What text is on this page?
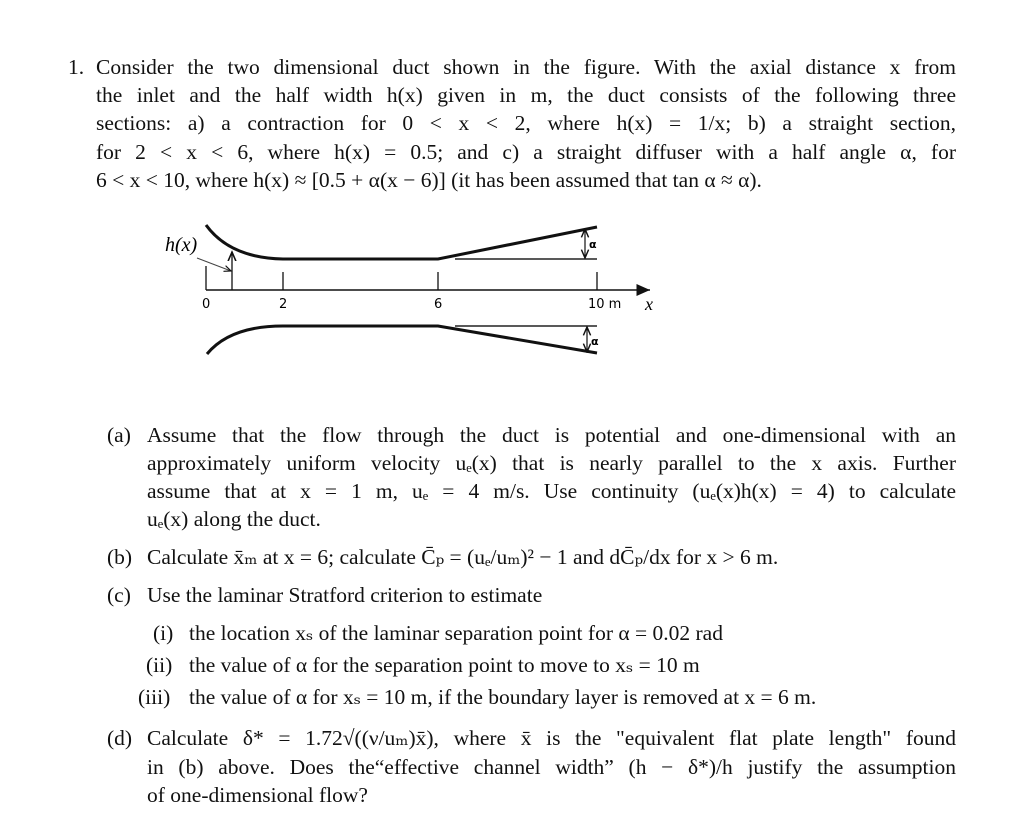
1. Consider the two dimensional duct shown in the figure. With the axial distance x from
the inlet and the half width h(x) given in m, the duct consists of the following three
sections: a) a contraction for 0 < x < 2, where h(x) = 1/x; b) a straight section,
for 2 < x < 6, where h(x) = 0.5; and c) a straight diffuser with a half angle α, for
6 < x < 10, where h(x) ≈ [0.5 + α(x − 6)] (it has been assumed that tan α ≈ α).
h(x)
0	2	6	10 m x
α
α
(a) Assume that the flow through the duct is potential and one-dimensional with an
approximately uniform velocity uₑ(x) that is nearly parallel to the x axis. Further
assume that at x = 1 m, uₑ = 4 m/s. Use continuity (uₑ(x)h(x) = 4) to calculate
uₑ(x) along the duct.
(b) Calculate x̄ₘ at x = 6; calculate C̄ₚ = (uₑ/uₘ)² − 1 and dC̄ₚ/dx for x > 6 m.
(c) Use the laminar Stratford criterion to estimate
(i) the location xₛ of the laminar separation point for α = 0.02 rad
(ii) the value of α for the separation point to move to xₛ = 10 m
(iii) the value of α for xₛ = 10 m, if the boundary layer is removed at x = 6 m.
(d) Calculate δ* = 1.72√((ν/uₘ)x̄), where x̄ is the "equivalent flat plate length" found
in (b) above. Does the“effective channel width” (h − δ*)/h justify the assumption
of one-dimensional flow?
